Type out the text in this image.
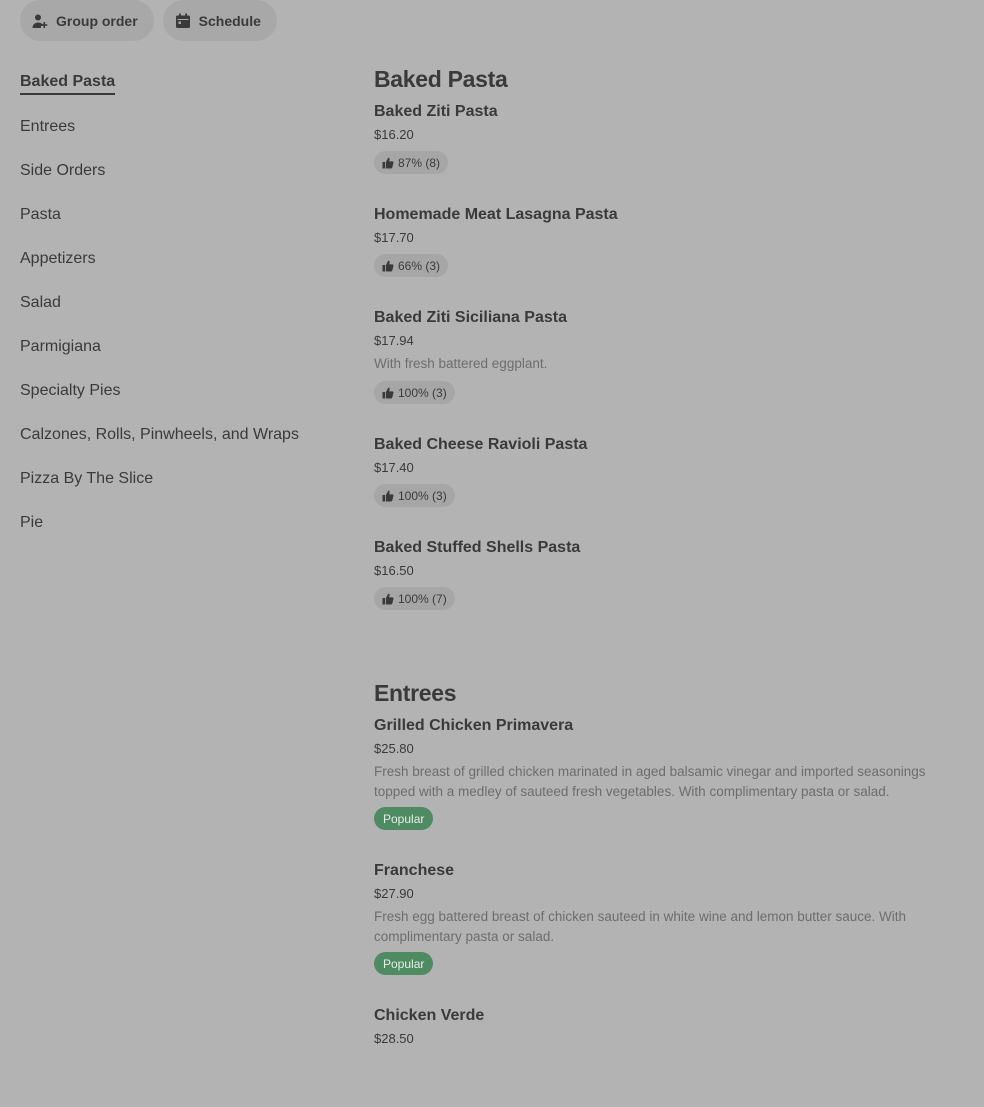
Group order	Schedule
Baked Pasta
Entrees
Side Orders
Pasta
Appetizers
Salad
Parmigiana
Specialty Pies
Calzones, Rolls, Pinwheels, and Wraps
Pizza By The Slice
Pie
Baked Pasta
Baked Ziti Pasta
$16.20
87% (8)
Homemade Meat Lasagna Pasta
$17.70
66% (3)
Baked Ziti Siciliana Pasta
$17.94
With fresh battered eggplant.
100% (3)
Baked Cheese Ravioli Pasta
$17.40
100% (3)
Baked Stuffed Shells Pasta
$16.50
100% (7)
Entrees
Grilled Chicken Primavera
$25.80
Fresh breast of grilled chicken marinated in aged balsamic vinegar and imported seasonings topped with a medley of sauteed fresh vegetables. With complimentary pasta or salad.
Popular
Franchese
$27.90
Fresh egg battered breast of chicken sauteed in white wine and lemon butter sauce. With complimentary pasta or salad.
Popular
Chicken Verde
$28.50
